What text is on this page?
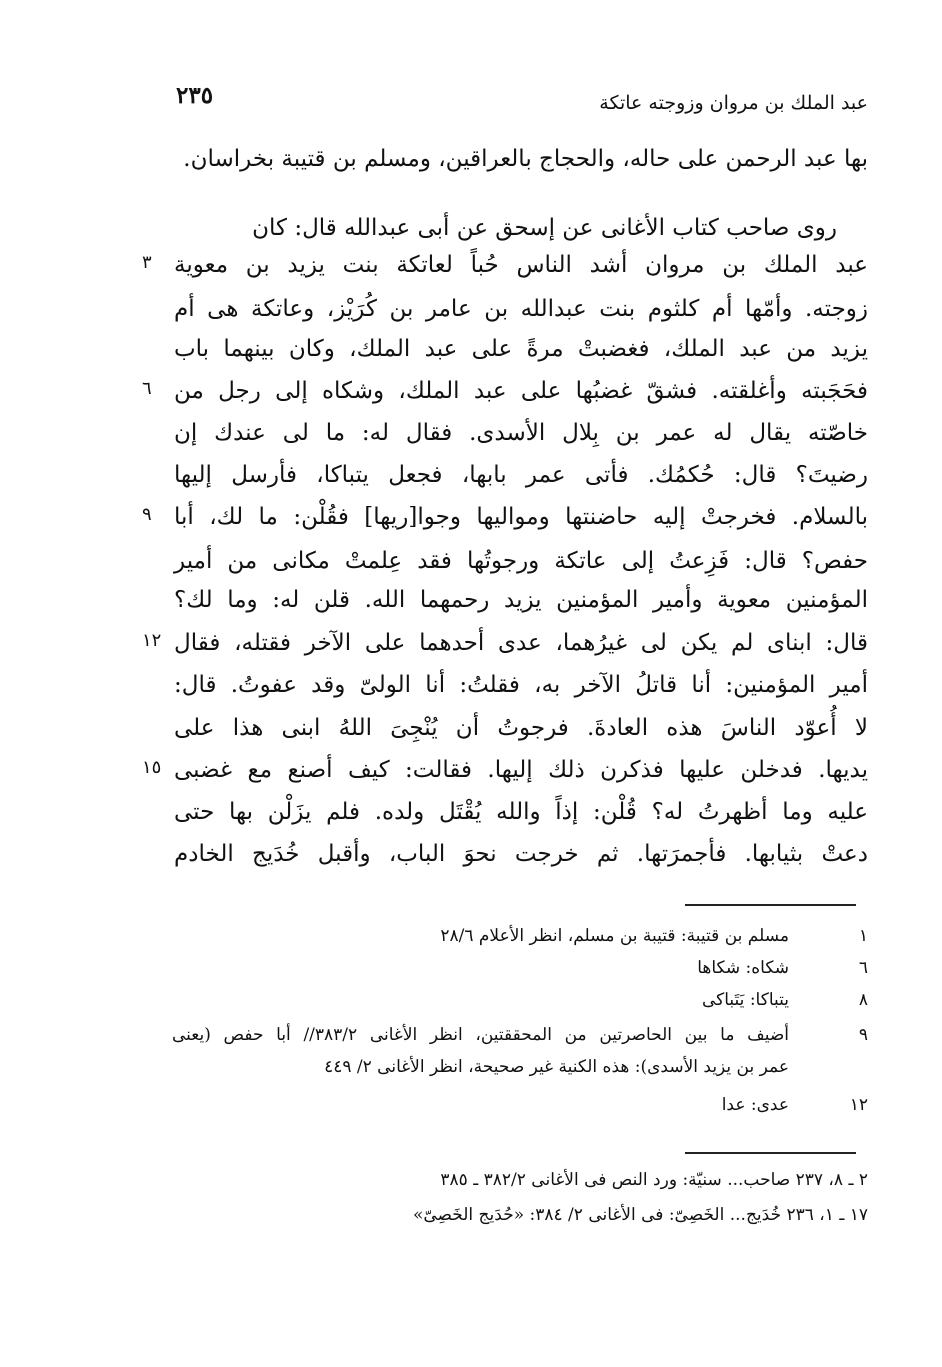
عبد الملك بن مروان وزوجته عاتكة
٢٣٥
بها عبد الرحمن على حاله، والحجاج بالعراقين، ومسلم بن قتيبة بخراسان.
روى صاحب كتاب الأغانى عن إسحق عن أبى عبدالله قال: كان
عبد الملك بن مروان أشد الناس حُباً لعاتكة بنت يزيد بن معوية
زوجته. وأمّها أم كلثوم بنت عبدالله بن عامر بن كُرَيْز، وعاتكة هى أم
يزيد من عبد الملك، فغضبتْ مرةً على عبد الملك، وكان بينهما باب
فحَجَبته وأغلقته. فشقّ غضبُها على عبد الملك، وشكاه إلى رجل من
خاصّته يقال له عمر بن بِلال الأسدى. فقال له: ما لى عندك إن
رضيتَ؟ قال: حُكمُك. فأتى عمر بابها، فجعل يتباكا، فأرسل إليها
بالسلام. فخرجتْ إليه حاضنتها ومواليها وجوا[ريها] فقُلْن: ما لك، أبا
حفص؟ قال: فَزِعتُ إلى عاتكة ورجوتُها فقد عِلمتْ مكانى من أمير
المؤمنين معوية وأمير المؤمنين يزيد رحمهما الله. قلن له: وما لك؟
قال: ابناى لم يكن لى غيرُهما، عدى أحدهما على الآخر فقتله، فقال
أمير المؤمنين: أنا قاتلُ الآخر به، فقلتُ: أنا الولىّ وقد عفوتُ. قال:
لا أُعوّد الناسَ هذه العادةَ. فرجوتُ أن يُنْجِىَ اللهُ ابنى هذا على
يديها. فدخلن عليها فذكرن ذلك إليها. فقالت: كيف أصنع مع غضبى
عليه وما أظهرتُ له؟ قُلْن: إذاً والله يُقْتَل ولده. فلم يزَلْن بها حتى
دعتْ بثيابها. فأجمرَتها. ثم خرجت نحوَ الباب، وأقبل خُدَيج الخادم
٣
٦
٩
١٢
١٥
١
مسلم بن قتيبة: قتيبة بن مسلم، انظر الأعلام ٢٨/٦
٦
شكاه: شكاها
٨
يتباكا: يَتَباكى
٩
أضيف ما بين الحاصرتين من المحققتين، انظر الأغانى ٣٨٣/٢// أبا حفص (يعنى
عمر بن يزيد الأسدى): هذه الكنية غير صحيحة، انظر الأغانى ٢/ ٤٤٩
١٢
عدى: عدا
٢ ـ ٨، ٢٣٧ صاحب... سنيّة: ورد النص فى الأغانى ٣٨٢/٢ ـ ٣٨٥
١٧ ـ ١، ٢٣٦ خُدَيج... الخَصِىّ: فى الأغانى ٢/ ٣٨٤: «حُدَيج الخَصِىّ»
